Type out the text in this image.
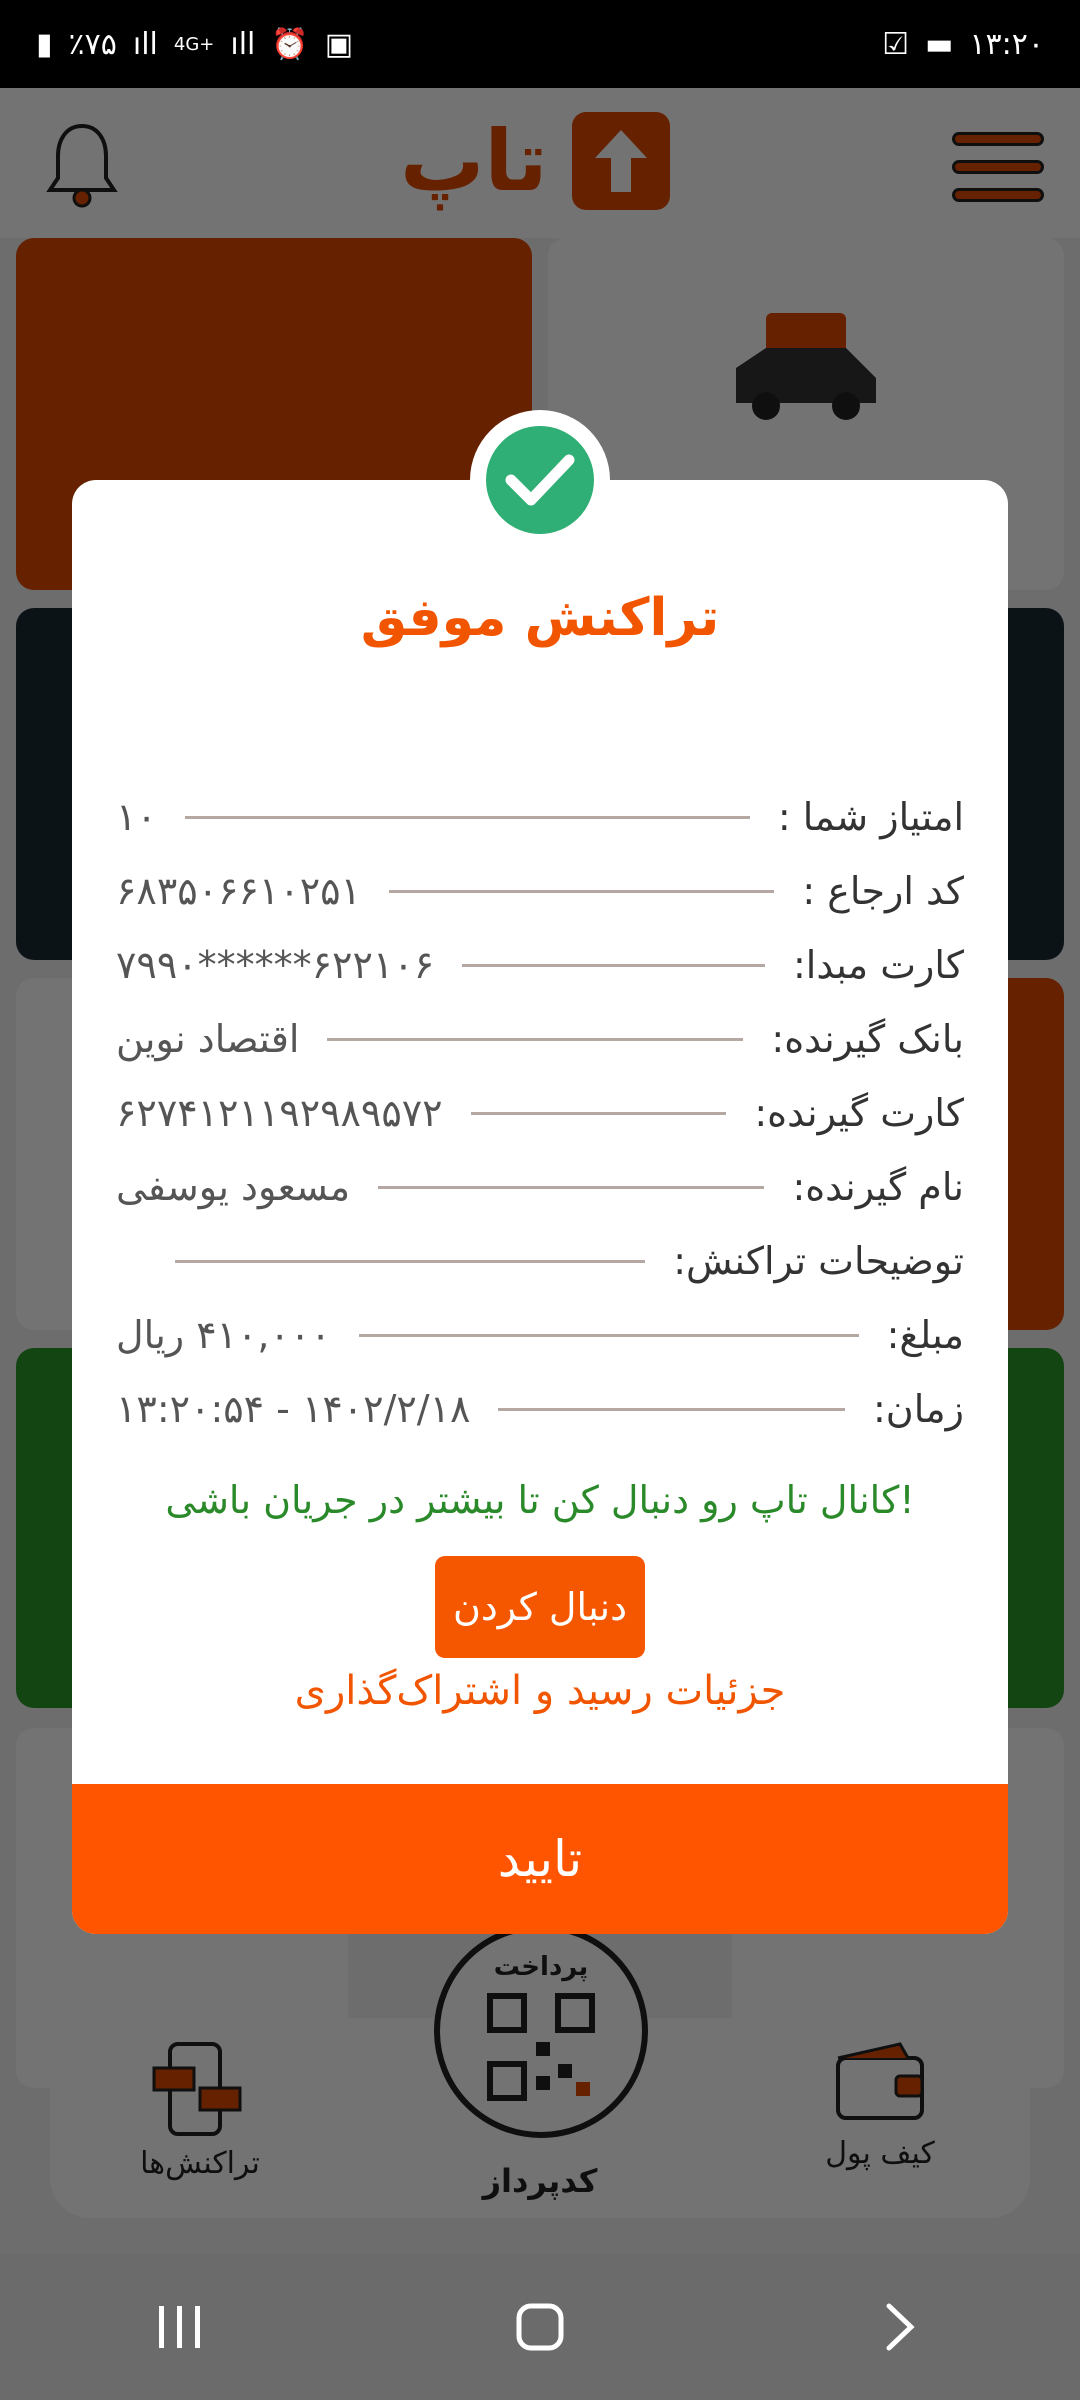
▮ ٪۷۵ ıll 4G+ ıll ⏰ ▣	☑ ▬ ۱۳:۲۰
تراکنش موفق
امتیاز شما :
۱۰
کد ارجاع :
۶۸۳۵۰۶۶۱۰۲۵۱
کارت مبدا:
۶۲۲۱۰۶******۷۹۹۰
بانک گیرنده:
اقتصاد نوین
کارت گیرنده:
۶۲۷۴۱۲۱۱۹۲۹۸۹۵۷۲
نام گیرنده:
مسعود یوسفی
توضیحات تراکنش:
مبلغ:
۴۱۰,۰۰۰ ریال
زمان:
۱۴۰۲/۲/۱۸ - ۱۳:۲۰:۵۴
کانال تاپ رو دنبال کن تا بیشتر در جریان باشی!
دنبال کردن
جزئیات رسید و اشتراک‌گذاری
تایید
